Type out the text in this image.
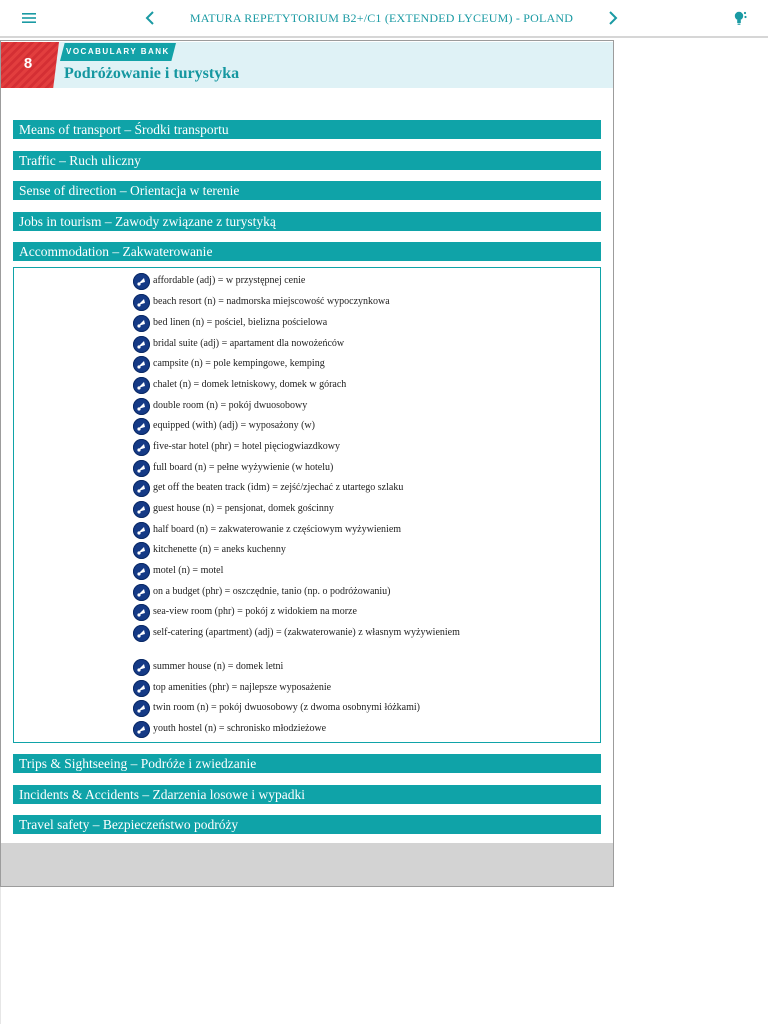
MATURA REPETYTORIUM B2+/C1 (EXTENDED LYCEUM) - POLAND
8
VOCABULARY BANK
Podróżowanie i turystyka
Means of transport – Środki transportu
Traffic – Ruch uliczny
Sense of direction – Orientacja w terenie
Jobs in tourism – Zawody związane z turystyką
Accommodation – Zakwaterowanie
affordable (adj) = w przystępnej cenie
beach resort (n) = nadmorska miejscowość wypoczynkowa
bed linen (n) = pościel, bielizna pościelowa
bridal suite (adj) = apartament dla nowożeńców
campsite (n) = pole kempingowe, kemping
chalet (n) = domek letniskowy, domek w górach
double room (n) = pokój dwuosobowy
equipped (with) (adj) = wyposażony (w)
five-star hotel (phr) = hotel pięciogwiazdkowy
full board (n) = pełne wyżywienie (w hotelu)
get off the beaten track (idm) = zejść/zjechać z utartego szlaku
guest house (n) = pensjonat, domek gościnny
half board (n) = zakwaterowanie z częściowym wyżywieniem
kitchenette (n) = aneks kuchenny
motel (n) = motel
on a budget (phr) = oszczędnie, tanio (np. o podróżowaniu)
sea-view room (phr) = pokój z widokiem na morze
self-catering (apartment) (adj) = (zakwaterowanie) z własnym wyżywieniem
summer house (n) = domek letni
top amenities (phr) = najlepsze wyposażenie
twin room (n) = pokój dwuosobowy (z dwoma osobnymi łóżkami)
youth hostel (n) = schronisko młodzieżowe
Trips & Sightseeing – Podróże i zwiedzanie
Incidents & Accidents – Zdarzenia losowe i wypadki
Travel safety – Bezpieczeństwo podróży
